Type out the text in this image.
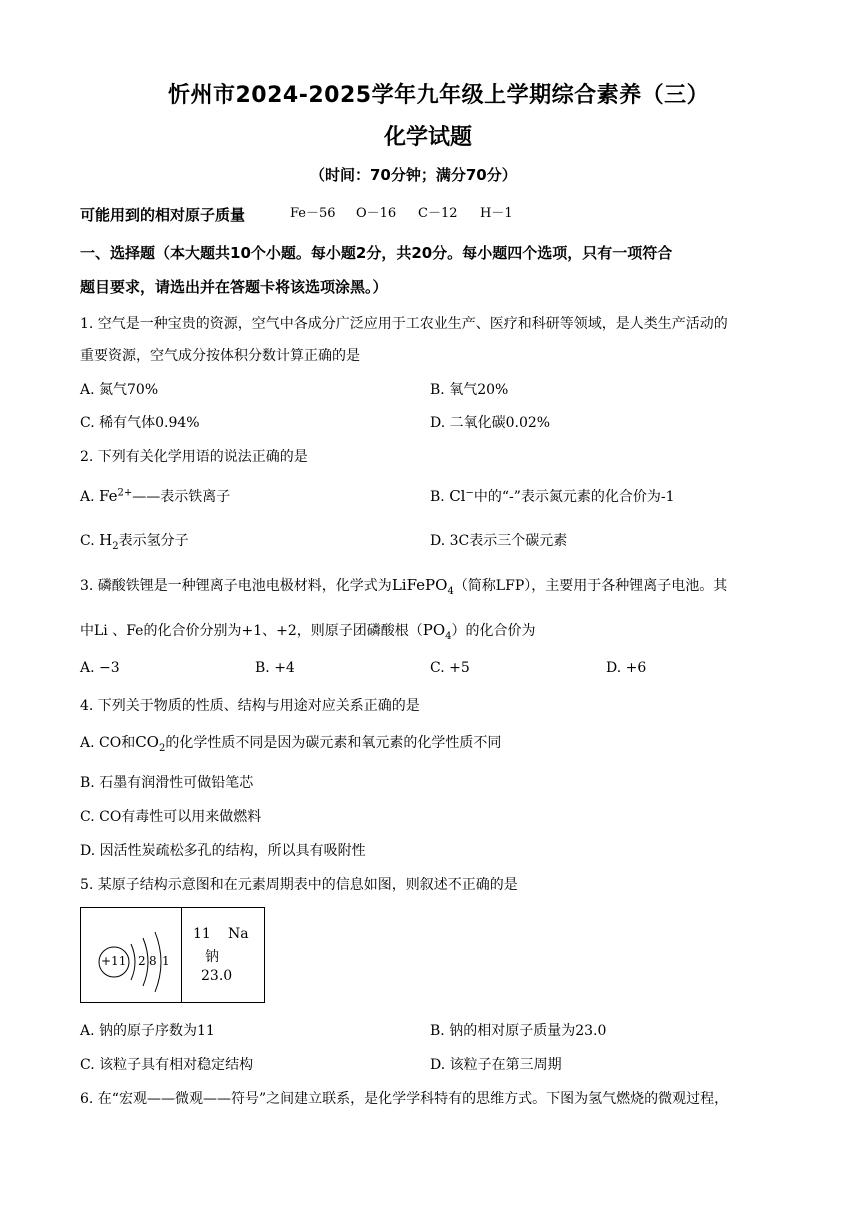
忻州市2024-2025学年九年级上学期综合素养（三）
化学试题
（时间：70分钟；满分70分）
可能用到的相对原子质量	Fe－56 O－16 C－12 H－1
一、选择题（本大题共10个小题。每小题2分，共20分。每小题四个选项，只有一项符合
题目要求，请选出并在答题卡将该选项涂黑。）
1. 空气是一种宝贵的资源，空气中各成分广泛应用于工农业生产、医疗和科研等领域，是人类生产活动的
重要资源，空气成分按体积分数计算正确的是
A. 氮气70%	B. 氧气20%
C. 稀有气体0.94%	D. 二氧化碳0.02%
2. 下列有关化学用语的说法正确的是
A. $Fe^{2+}——$表示铁离子	B. Cl−中的“-”表示氮元素的化合价为-1
C. $H_2$表示氢分子	D. 3C表示三个碳元素
3. 磷酸铁锂是一种锂离子电池电极材料，化学式为LiFePO$_4$（简称LFP），主要用于各种锂离子电池。其
中Li 、Fe的化合价分别为+1、+2，则原子团磷酸根$(PO_4)$的化合价为
A. −3	B. +4	C. +5	D. +6
4. 下列关于物质的性质、结构与用途对应关系正确的是
A. CO和$CO_2$的化学性质不同是因为碳元素和氧元素的化学性质不同
B. 石墨有润滑性可做铅笔芯
C. CO有毒性可以用来做燃料
D. 因活性炭疏松多孔的结构，所以具有吸附性
5. 某原子结构示意图和在元素周期表中的信息如图，则叙述不正确的是
+11 2 8 1
11 Na
钠
23.0
A. 钠的原子序数为11	B. 钠的相对原子质量为23.0
C. 该粒子具有相对稳定结构	D. 该粒子在第三周期
6. 在“宏观——微观——符号”之间建立联系，是化学学科特有的思维方式。下图为氢气燃烧的微观过程，
